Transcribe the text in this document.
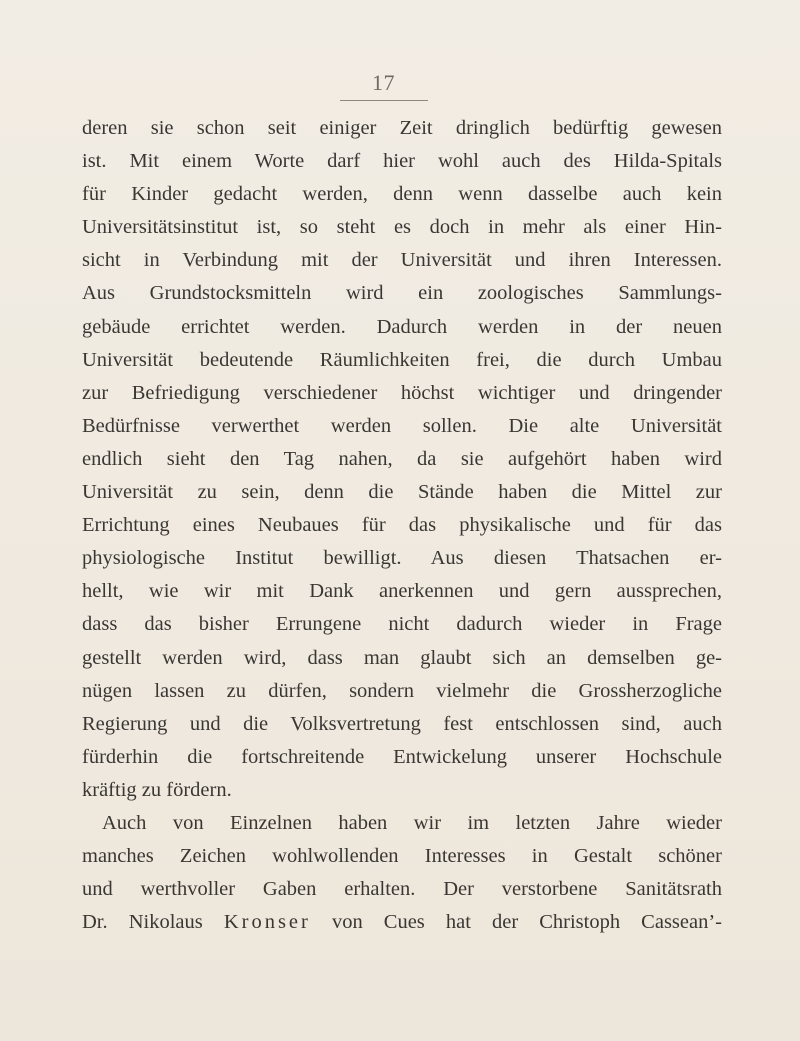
17
deren sie schon seit einiger Zeit dringlich bedürftig gewesen
ist. Mit einem Worte darf hier wohl auch des Hilda-Spitals
für Kinder gedacht werden, denn wenn dasselbe auch kein
Universitätsinstitut ist, so steht es doch in mehr als einer Hin-
sicht in Verbindung mit der Universität und ihren Interessen.
Aus Grundstocksmitteln wird ein zoologisches Sammlungs-
gebäude errichtet werden. Dadurch werden in der neuen
Universität bedeutende Räumlichkeiten frei, die durch Umbau
zur Befriedigung verschiedener höchst wichtiger und dringender
Bedürfnisse verwerthet werden sollen. Die alte Universität
endlich sieht den Tag nahen, da sie aufgehört haben wird
Universität zu sein, denn die Stände haben die Mittel zur
Errichtung eines Neubaues für das physikalische und für das
physiologische Institut bewilligt. Aus diesen Thatsachen er-
hellt, wie wir mit Dank anerkennen und gern aussprechen,
dass das bisher Errungene nicht dadurch wieder in Frage
gestellt werden wird, dass man glaubt sich an demselben ge-
nügen lassen zu dürfen, sondern vielmehr die Grossherzogliche
Regierung und die Volksvertretung fest entschlossen sind, auch
fürderhin die fortschreitende Entwickelung unserer Hochschule
kräftig zu fördern.
Auch von Einzelnen haben wir im letzten Jahre wieder
manches Zeichen wohlwollenden Interesses in Gestalt schöner
und werthvoller Gaben erhalten. Der verstorbene Sanitätsrath
Dr. Nikolaus Kronser von Cues hat der Christoph Cassean’-
